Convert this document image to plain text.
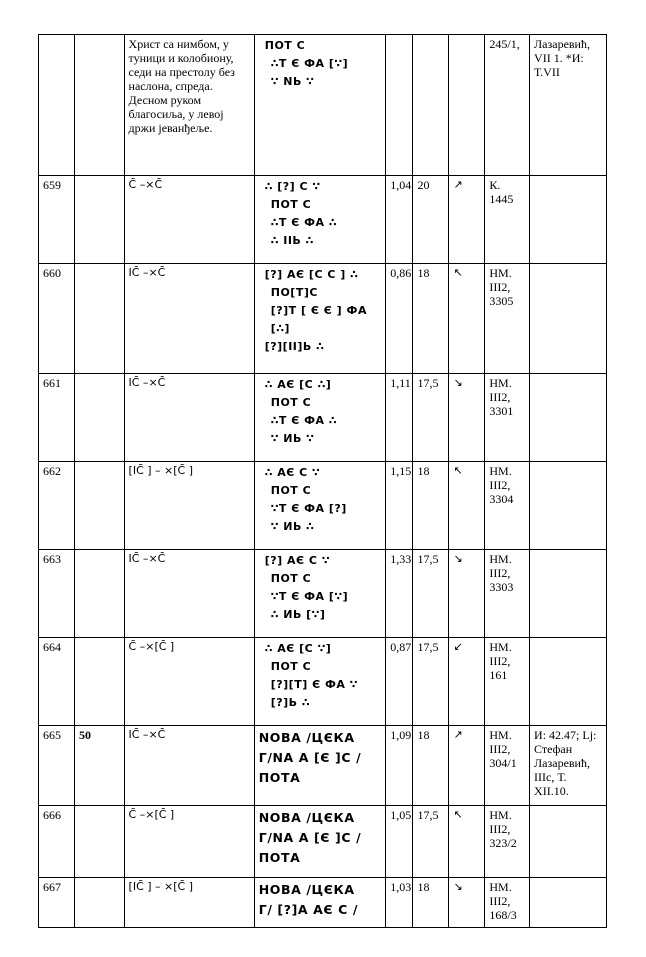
		Христ са нимбом, у туници и колобиону, седи на престолу без наслона, спреда. Десном руком благосиља, у левој држи јеванђеље.	ПОТ С
∴Т Є ФА [∵]
∵ NЬ ∵				245/1,	Лазаревић, VII 1. *И: Т.VII
659		С̄ –×С̄	∴ [?] С ∵
ПОТ С
∴Т Є ФА ∴
∴ ІІЬ ∴	1,04	20	↗	К. 1445	
660		ІС̄ –×С̄	[?] АЄ [С С ] ∴
ПО[Т]С
[?]Т [ Є Є ] ФА
[∴]
[?][ІІ]Ь ∴	0,86	18	↖	НМ. III2, 3305	
661		ІС̄ –×С̄	∴ АЄ [С ∴]
ПОТ С
∴Т Є ФА ∴
∵ ИЬ ∵	1,11	17,5	↘	НМ. III2, 3301	
662		[ІС̄ ] – ×[С̄ ]	∴ АЄ С ∵
ПОТ С
∵Т Є ФА [?]
∵ ИЬ ∴	1,15	18	↖	НМ. III2, 3304	
663		ІС̄ –×С̄	[?] АЄ С ∵
ПОТ С
∵Т Є ФА [∵]
∴ ИЬ [∵]	1,33	17,5	↘	НМ. III2, 3303	
664		С̄ –×[С̄ ]	∴ АЄ [С ∵]
ПОТ С
[?][Т] Є ФА ∵
[?]Ь ∴	0,87	17,5	↙	НМ. III2, 161	
665	50	ІС̄ –×С̄	NОВА /ЦЄКА
Г/NА А [Є ]С /
ПОТА	1,09	18	↗	НМ. III2, 304/1	И: 42.47; Lj: Стефан Лазаревић, IIIс, Т. XII.10.
666		С̄ –×[С̄ ]	NОВА /ЦЄКА
Г/NА А [Є ]С /
ПОТА	1,05	17,5	↖	НМ. III2, 323/2	
667		[ІС̄ ] – ×[С̄ ]	НОВА /ЦЄКА
Г/ [?]А АЄ С /	1,03	18	↘	НМ. III2, 168/3	
